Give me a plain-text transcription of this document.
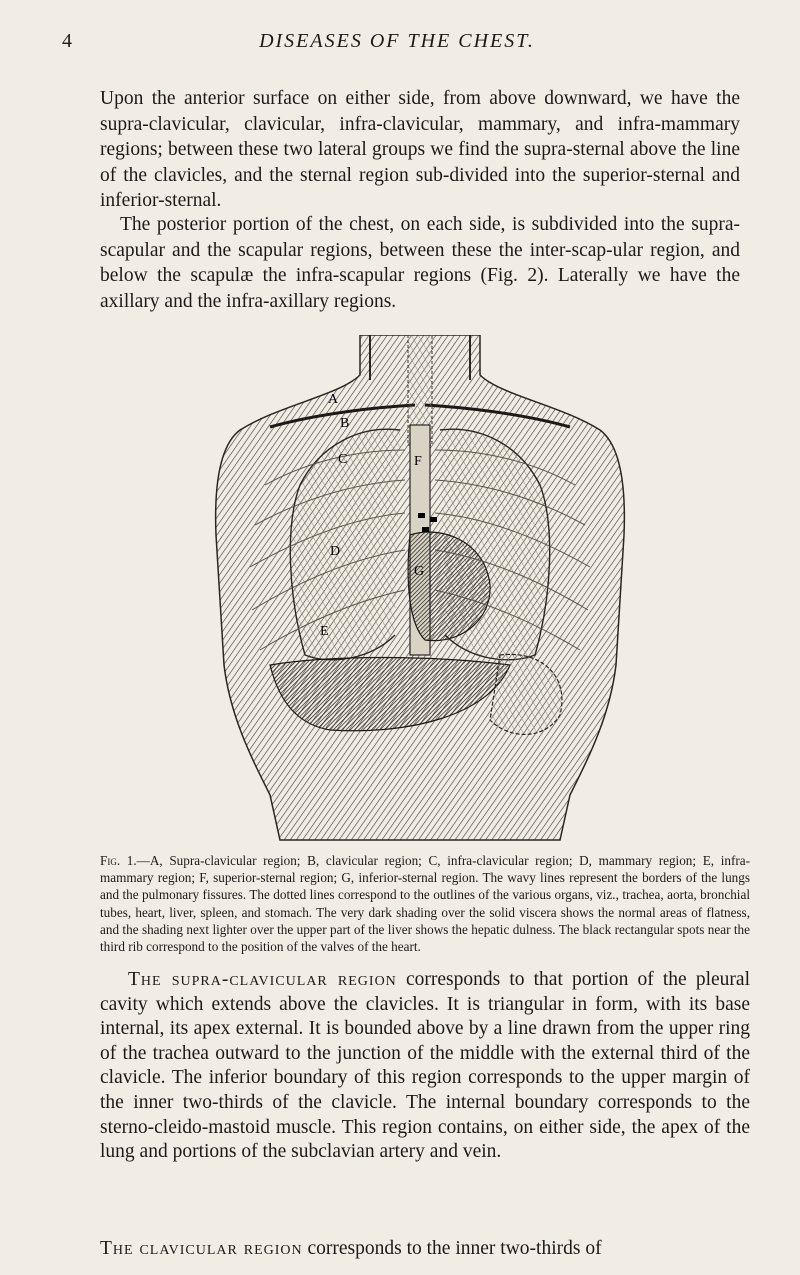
4	DISEASES OF THE CHEST.

Upon the anterior surface on either side, from above downward, we have the supra-clavicular, clavicular, infra-clavicular, mammary, and infra-mammary regions; between these two lateral groups we find the supra-sternal above the line of the clavicles, and the sternal region sub-divided into the superior-sternal and inferior-sternal.

The posterior portion of the chest, on each side, is subdivided into the supra-scapular and the scapular regions, between these the inter-scap-ular region, and below the scapulæ the infra-scapular regions (Fig. 2). Laterally we have the axillary and the infra-axillary regions.

A
B
C
D
E
F
G

Fig. 1.—A, Supra-clavicular region; B, clavicular region; C, infra-clavicular region; D, mammary region; E, infra-mammary region; F, superior-sternal region; G, inferior-sternal region. The wavy lines represent the borders of the lungs and the pulmonary fissures. The dotted lines correspond to the outlines of the various organs, viz., trachea, aorta, bronchial tubes, heart, liver, spleen, and stomach. The very dark shading over the solid viscera shows the normal areas of flatness, and the shading next lighter over the upper part of the liver shows the hepatic dulness. The black rectangular spots near the third rib correspond to the position of the valves of the heart.

The supra-clavicular region corresponds to that portion of the pleural cavity which extends above the clavicles. It is triangular in form, with its base internal, its apex external. It is bounded above by a line drawn from the upper ring of the trachea outward to the junction of the middle with the external third of the clavicle. The inferior boundary of this region corresponds to the upper margin of the inner two-thirds of the clavicle. The internal boundary corresponds to the sterno-cleido-mastoid muscle. This region contains, on either side, the apex of the lung and portions of the subclavian artery and vein.

The clavicular region corresponds to the inner two-thirds of
